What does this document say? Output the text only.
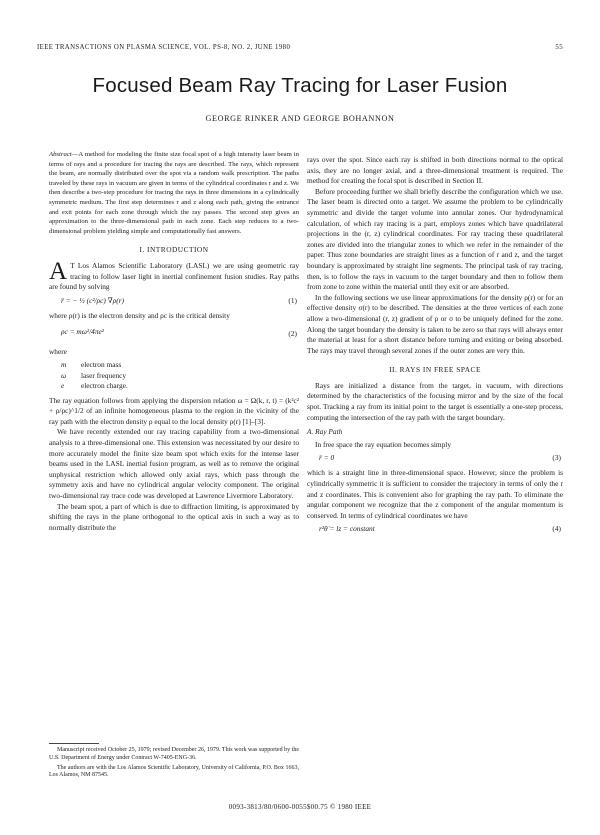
IEEE TRANSACTIONS ON PLASMA SCIENCE, VOL. PS-8, NO. 2, JUNE 1980	55
Focused Beam Ray Tracing for Laser Fusion
GEORGE RINKER AND GEORGE BOHANNON

Abstract—A method for modeling the finite size focal spot of a high intensity laser beam in terms of rays and a procedure for tracing the rays are described. The rays, which represent the beam, are normally distributed over the spot via a random walk prescription. The paths traveled by these rays in vacuum are given in terms of the cylindrical coordinates r and z. We then describe a two-step procedure for tracing the rays in three dimensions in a cylindrically symmetric medium. The first step determines r and z along each path, giving the entrance and exit points for each zone through which the ray passes. The second step gives an approximation to the three-dimensional path in each zone. Each step reduces to a two-dimensional problem yielding simple and computationally fast answers.

I. INTRODUCTION

A T Los Alamos Scientific Laboratory (LASL) we are using geometric ray tracing to follow laser light in inertial confinement fusion studies. Ray paths are found by solving

r̈ = − ½ (c²/ρc) ∇ρ(r)	(1)

where ρ(r) is the electron density and ρc is the critical density

ρc = mω²/4πe²	(2)
where
m	electron mass
ω	laser frequency
e	electron charge.

The ray equation follows from applying the dispersion relation ω = Ω(k, r, t) = (k²c² + ρ/ρc)^1/2 of an infinite homogeneous plasma to the region in the vicinity of the ray path with the electron density ρ equal to the local density ρ(r) [1]–[3].

We have recently extended our ray tracing capability from a two-dimensional analysis to a three-dimensional one. This extension was necessitated by our desire to more accurately model the finite size beam spot which exits for the intense laser beams used in the LASL inertial fusion program, as well as to remove the original unphysical restriction which allowed only axial rays, which pass through the symmetry axis and have no cylindrical angular velocity component. The original two-dimensional ray trace code was developed at Lawrence Livermore Laboratory.

The beam spot, a part of which is due to diffraction limiting, is approximated by shifting the rays in the plane orthogonal to the optical axis in such a way as to normally distribute the

Manuscript received October 25, 1979; revised December 26, 1979. This work was supported by the U.S. Department of Energy under Contract W-7405-ENG-36.

The authors are with the Los Alamos Scientific Laboratory, University of California, P.O. Box 1663, Los Alamos, NM 87545.

rays over the spot. Since each ray is shifted in both directions normal to the optical axis, they are no longer axial, and a three-dimensional treatment is required. The method for creating the focal spot is described in Section II.

Before proceeding further we shall briefly describe the configuration which we use. The laser beam is directed onto a target. We assume the problem to be cylindrically symmetric and divide the target volume into annular zones. Our hydrodynamical calculation, of which ray tracing is a part, employs zones which have quadrilateral projections in the (r, z) cylindrical coordinates. For ray tracing these quadrilateral zones are divided into the triangular zones to which we refer in the remainder of the paper. Thus zone boundaries are straight lines as a function of r and z, and the target boundary is approximated by straight line segments. The principal task of ray tracing, then, is to follow the rays in vacuum to the target boundary and then to follow them from zone to zone within the material until they exit or are absorbed.

In the following sections we use linear approximations for the density ρ(r) or for an effective density σ(r) to be described. The densities at the three vertices of each zone allow a two-dimensional (r, z) gradient of ρ or σ to be uniquely defined for the zone. Along the target boundary the density is taken to be zero so that rays will always enter the material at least for a short distance before turning and exiting or being absorbed. The rays may travel through several zones if the outer zones are very thin.

II. RAYS IN FREE SPACE

Rays are initialized a distance from the target, in vacuum, with directions determined by the characteristics of the focusing mirror and by the size of the focal spot. Tracking a ray from its initial point to the target is essentially a one-step process, computing the intersection of the ray path with the target boundary.

A. Ray Path

In free space the ray equation becomes simply

r̈ = 0	(3)

which is a straight line in three-dimensional space. However, since the problem is cylindrically symmetric it is sufficient to consider the trajectory in terms of only the r and z coordinates. This is convenient also for graphing the ray path. To eliminate the angular component we recognize that the z component of the angular momentum is conserved. In terms of cylindrical coordinates we have

r²θ̇ = lz = constant	(4)
0093-3813/80/0600-0055$00.75 © 1980 IEEE
